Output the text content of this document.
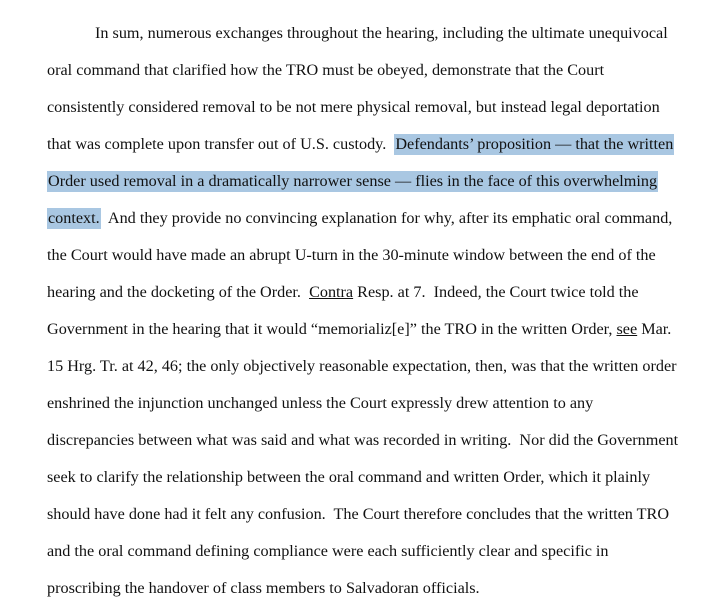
In sum, numerous exchanges throughout the hearing, including the ultimate unequivocal
oral command that clarified how the TRO must be obeyed, demonstrate that the Court
consistently considered removal to be not mere physical removal, but instead legal deportation
that was complete upon transfer out of U.S. custody.  Defendants’ proposition — that the written
Order used removal in a dramatically narrower sense — flies in the face of this overwhelming
context.  And they provide no convincing explanation for why, after its emphatic oral command,
the Court would have made an abrupt U-turn in the 30-minute window between the end of the
hearing and the docketing of the Order.  Contra Resp. at 7.  Indeed, the Court twice told the
Government in the hearing that it would “memorializ[e]” the TRO in the written Order, see Mar.
15 Hrg. Tr. at 42, 46; the only objectively reasonable expectation, then, was that the written order
enshrined the injunction unchanged unless the Court expressly drew attention to any
discrepancies between what was said and what was recorded in writing.  Nor did the Government
seek to clarify the relationship between the oral command and written Order, which it plainly
should have done had it felt any confusion.  The Court therefore concludes that the written TRO
and the oral command defining compliance were each sufficiently clear and specific in
proscribing the handover of class members to Salvadoran officials.
